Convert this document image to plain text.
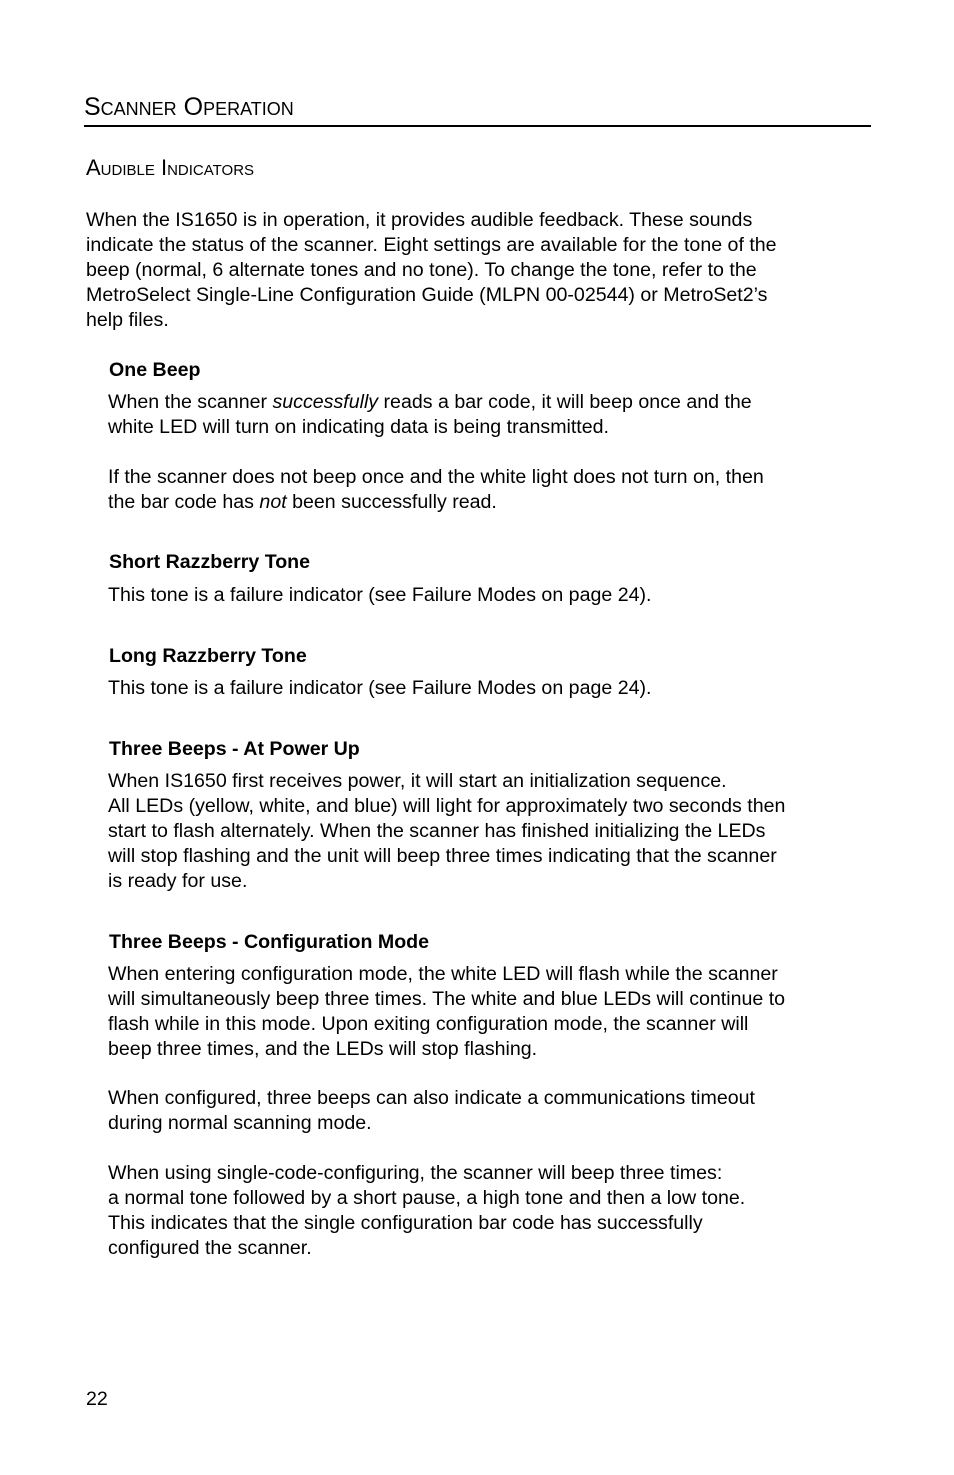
Scanner Operation
Audible Indicators

When the IS1650 is in operation, it provides audible feedback. These sounds
indicate the status of the scanner. Eight settings are available for the tone of the
beep (normal, 6 alternate tones and no tone). To change the tone, refer to the
MetroSelect Single-Line Configuration Guide (MLPN 00-02544) or MetroSet2’s
help files.

One Beep

When the scanner successfully reads a bar code, it will beep once and the
white LED will turn on indicating data is being transmitted.

If the scanner does not beep once and the white light does not turn on, then
the bar code has not been successfully read.

Short Razzberry Tone

This tone is a failure indicator (see Failure Modes on page 24).

Long Razzberry Tone

This tone is a failure indicator (see Failure Modes on page 24).

Three Beeps - At Power Up

When IS1650 first receives power, it will start an initialization sequence.
All LEDs (yellow, white, and blue) will light for approximately two seconds then
start to flash alternately. When the scanner has finished initializing the LEDs
will stop flashing and the unit will beep three times indicating that the scanner
is ready for use.

Three Beeps - Configuration Mode

When entering configuration mode, the white LED will flash while the scanner
will simultaneously beep three times. The white and blue LEDs will continue to
flash while in this mode. Upon exiting configuration mode, the scanner will
beep three times, and the LEDs will stop flashing.

When configured, three beeps can also indicate a communications timeout
during normal scanning mode.

When using single-code-configuring, the scanner will beep three times:
a normal tone followed by a short pause, a high tone and then a low tone.
This indicates that the single configuration bar code has successfully
configured the scanner.

22
